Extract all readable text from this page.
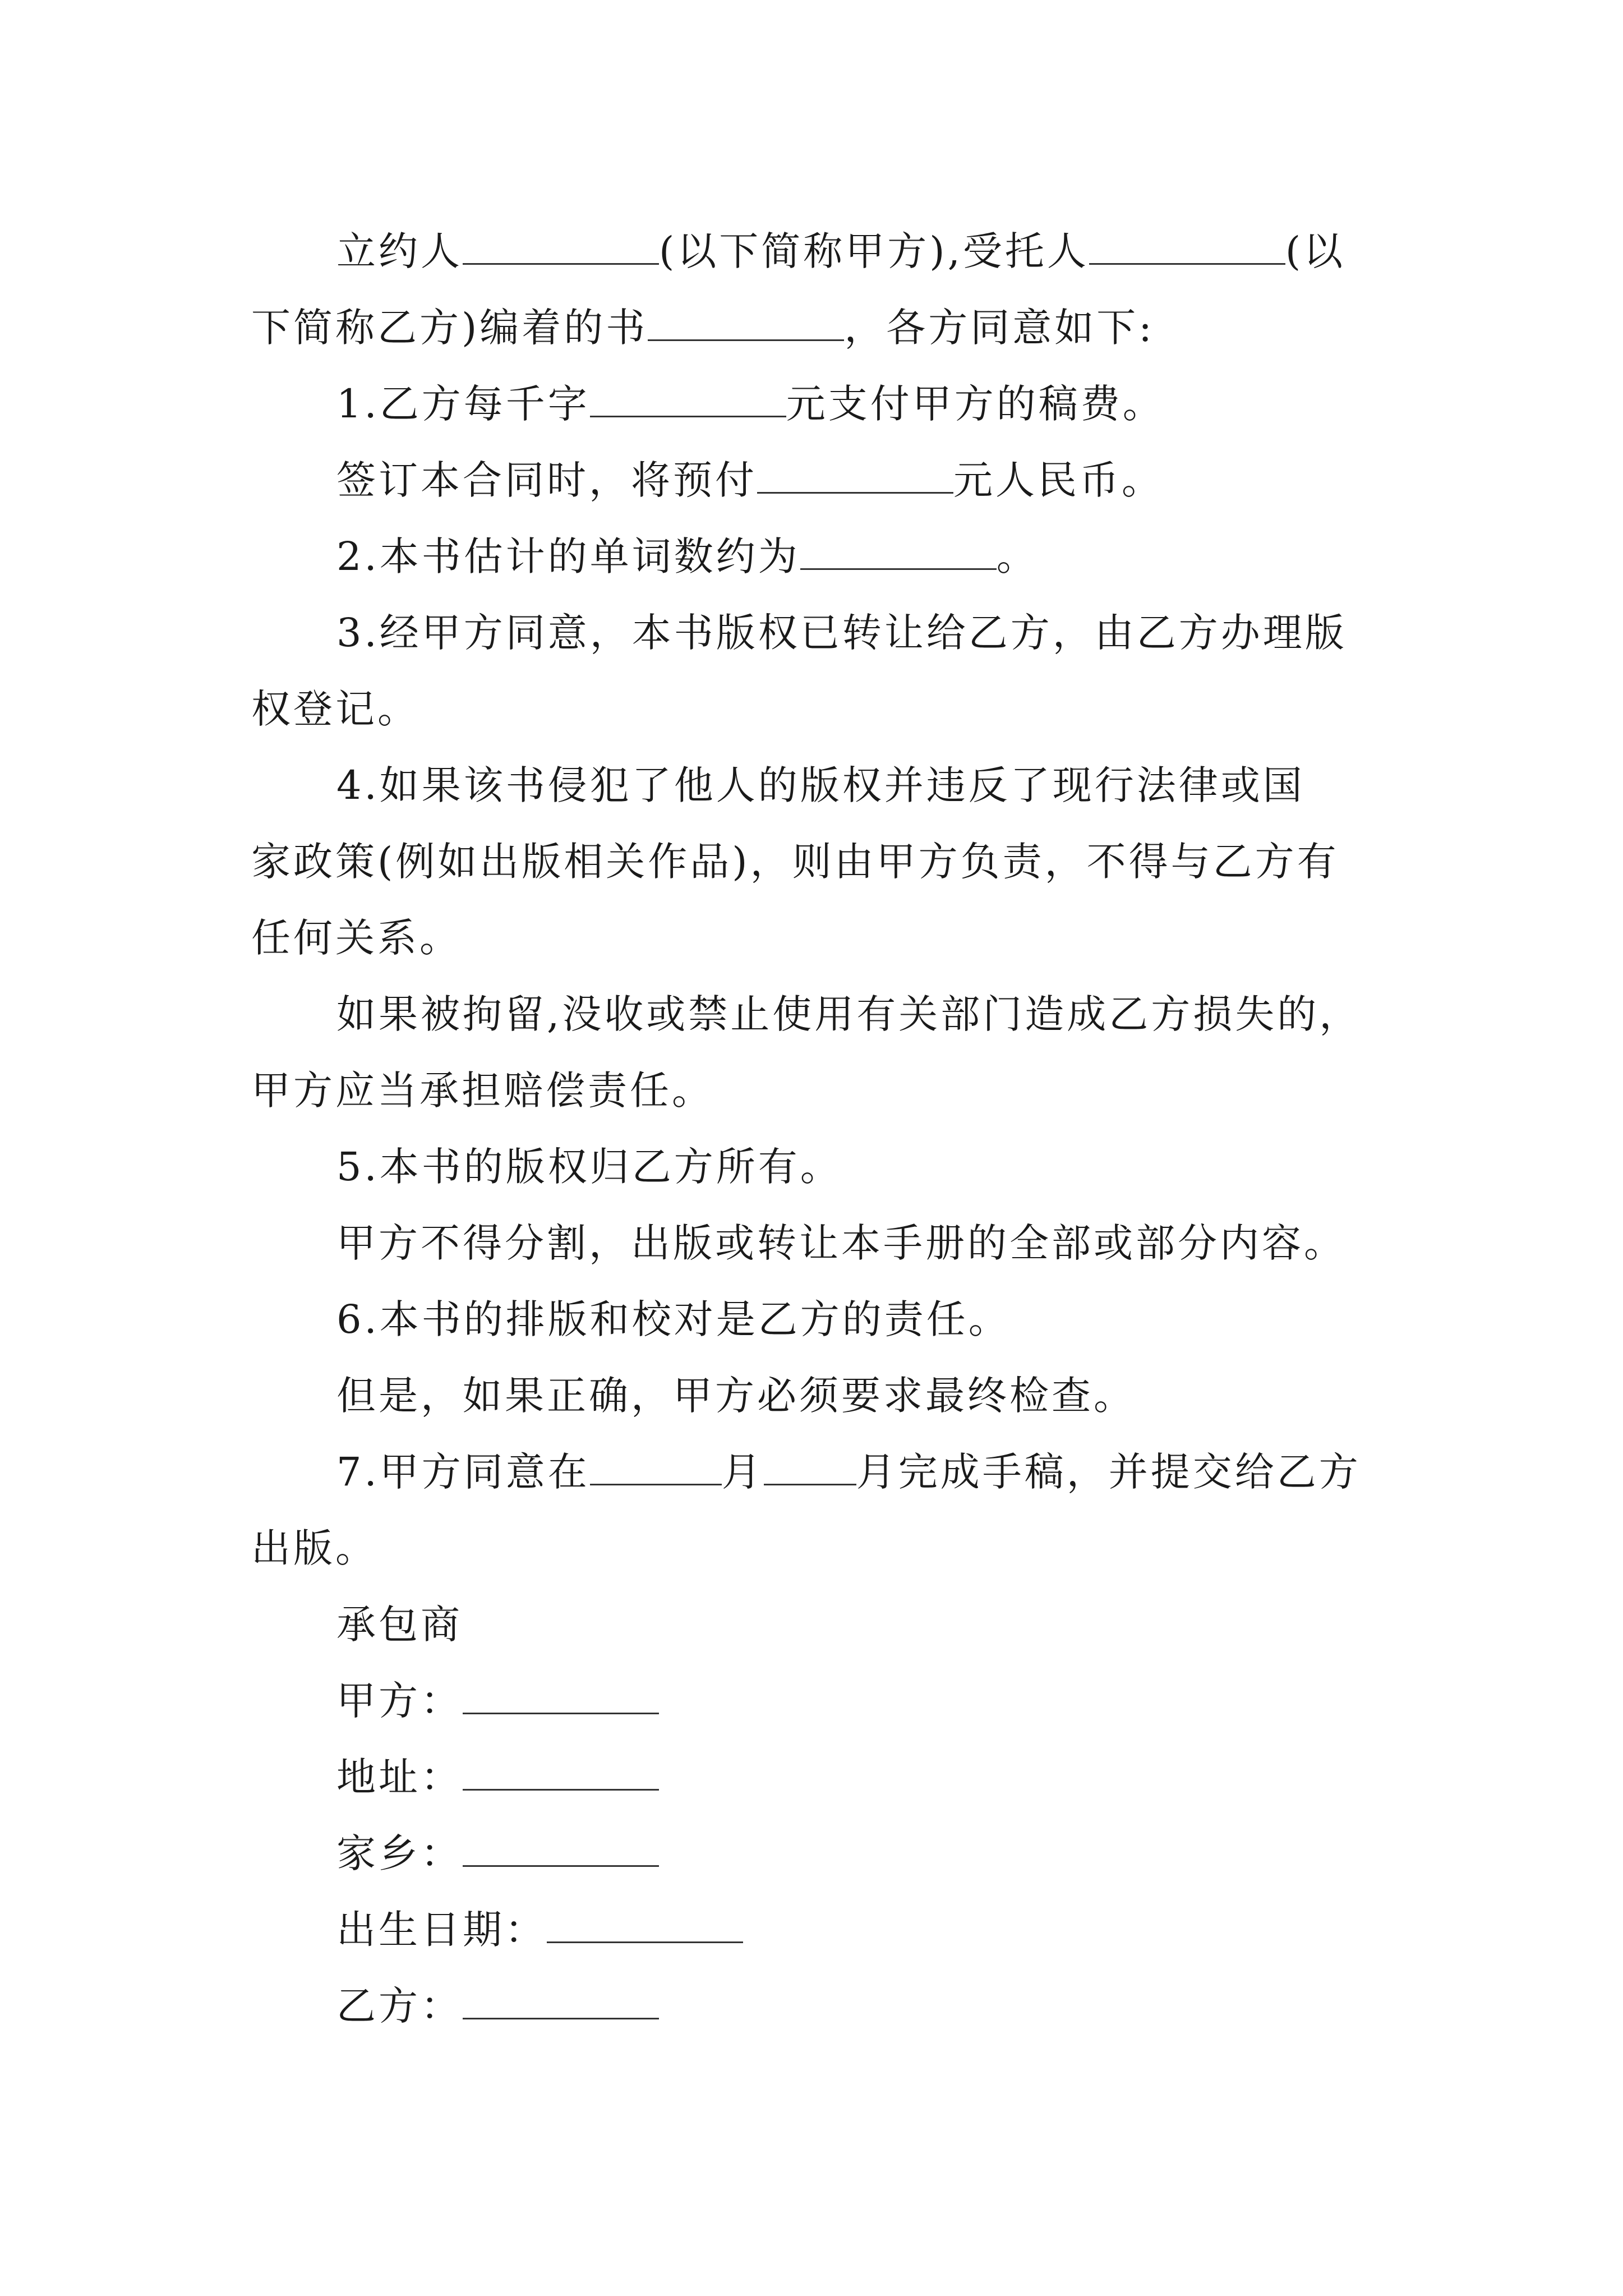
立约人	(以下简称甲方),受托人	(以

下简称乙方)编着的书	，各方同意如下:

1.乙方每千字	元支付甲方的稿费。

签订本合同时，将预付	元人民币。

2.本书估计的单词数约为	。

3.经甲方同意，本书版权已转让给乙方，由乙方办理版

权登记。

4.如果该书侵犯了他人的版权并违反了现行法律或国

家政策(例如出版相关作品)，则由甲方负责，不得与乙方有

任何关系。

如果被拘留,没收或禁止使用有关部门造成乙方损失的，

甲方应当承担赔偿责任。

5.本书的版权归乙方所有。

甲方不得分割，出版或转让本手册的全部或部分内容。

6.本书的排版和校对是乙方的责任。

但是，如果正确，甲方必须要求最终检查。

7.甲方同意在	月 月完成手稿，并提交给乙方

出版。

承包商

甲方：

地址：

家乡：

出生日期：

乙方：
